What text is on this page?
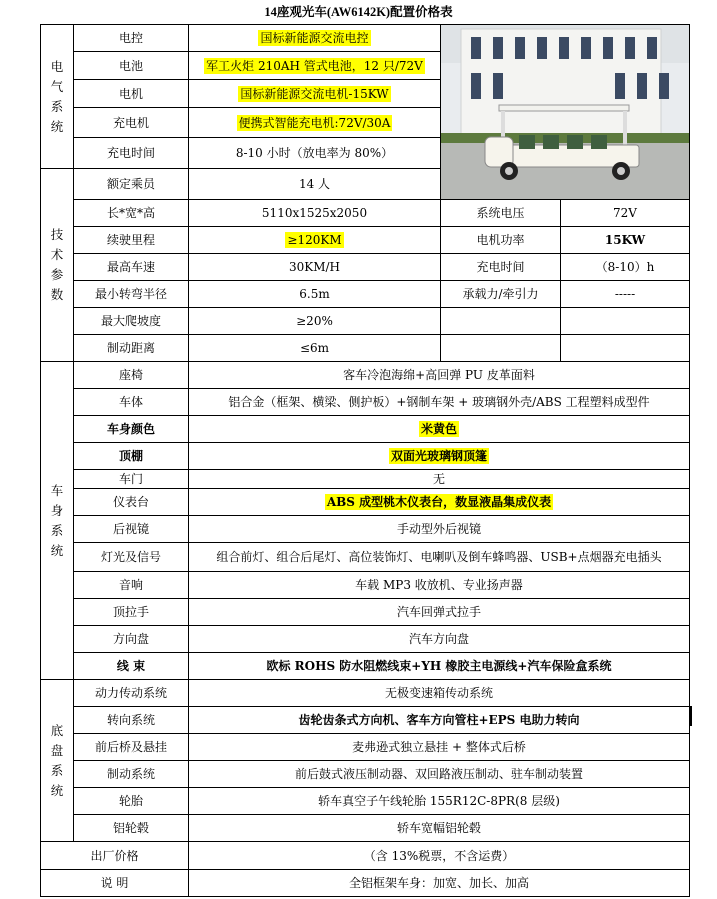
14座观光车(AW6142K)配置价格表
电气系统	电控	国标新能源交流电控	

	电池	军工火炬 210AH 管式电池，12 只/72V		
	电机	国标新能源交流电机-15KW		
	充电机	便携式智能充电机:72V/30A		
	充电时间	8-10 小时（放电率为 80%）		
技术参数	额定乘员	14 人		
	长*宽*高	5110x1525x2050	系统电压	72V
	续驶里程	≥120KM	电机功率	15KW
	最高车速	30KM/H	充电时间	（8-10）h
	最小转弯半径	6.5m	承载力/牵引力	-----
	最大爬坡度	≥20%		
	制动距离	≤6m		
车身系统	座椅	客车冷泡海绵+高回弹 PU 皮革面料		
	车体	铝合金（框架、横梁、侧护板）+钢制车架 + 玻璃钢外壳/ABS 工程塑料成型件		
	车身颜色	米黄色		
	顶棚	双面光玻璃钢顶篷		
	车门	无		
	仪表台	ABS 成型桃木仪表台，数显液晶集成仪表		
	后视镜	手动型外后视镜		
	灯光及信号	组合前灯、组合后尾灯、高位装饰灯、电喇叭及倒车蜂鸣器、USB+点烟器充电插头		
	音响	车载 MP3 收放机、专业扬声器		
	顶拉手	汽车回弹式拉手		
	方向盘	汽车方向盘		
	线 束	欧标 ROHS 防水阻燃线束+YH 橡胶主电源线+汽车保险盒系统		
底盘系统	动力传动系统	无极变速箱传动系统		
	转向系统	齿轮齿条式方向机、客车方向管柱+EPS 电助力转向		
	前后桥及悬挂	麦弗逊式独立悬挂 + 整体式后桥		
	制动系统	前后鼓式液压制动器、双回路液压制动、驻车制动装置		
	轮胎	轿车真空子午线轮胎 155R12C-8PR(8 层级)		
	铝轮毂	轿车宽幅铝轮毂		
出厂价格		（含 13%税票，不含运费）		
说 明		全铝框架车身：加宽、加长、加高		
